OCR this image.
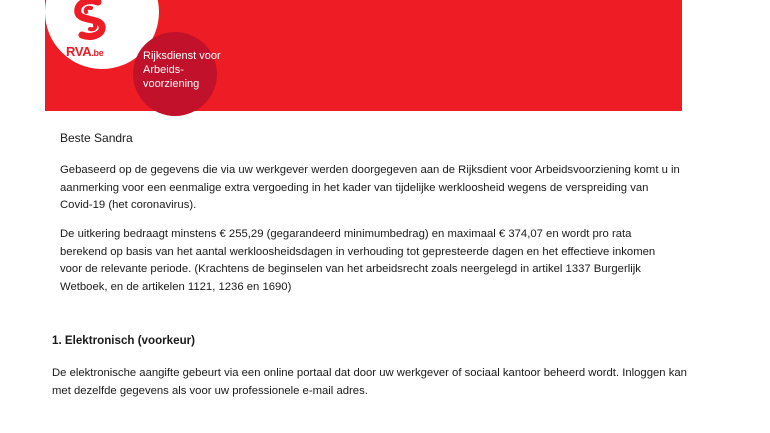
RVA.be	Rijksdienst voor Arbeids- voorziening
Beste Sandra
Gebaseerd op de gegevens die via uw werkgever werden doorgegeven aan de Rijksdient voor Arbeidsvoorziening komt u in aanmerking voor een eenmalige extra vergoeding in het kader van tijdelijke werkloosheid wegens de verspreiding van Covid-19 (het coronavirus).
De uitkering bedraagt minstens € 255,29 (gegarandeerd minimumbedrag) en maximaal € 374,07 en wordt pro rata berekend op basis van het aantal werkloosheidsdagen in verhouding tot gepresteerde dagen en het effectieve inkomen voor de relevante periode. (Krachtens de beginselen van het arbeidsrecht zoals neergelegd in artikel 1337 Burgerlijk Wetboek, en de artikelen 1121, 1236 en 1690)
1. Elektronisch (voorkeur)
De elektronische aangifte gebeurt via een online portaal dat door uw werkgever of sociaal kantoor beheerd wordt. Inloggen kan met dezelfde gegevens als voor uw professionele e-mail adres.
